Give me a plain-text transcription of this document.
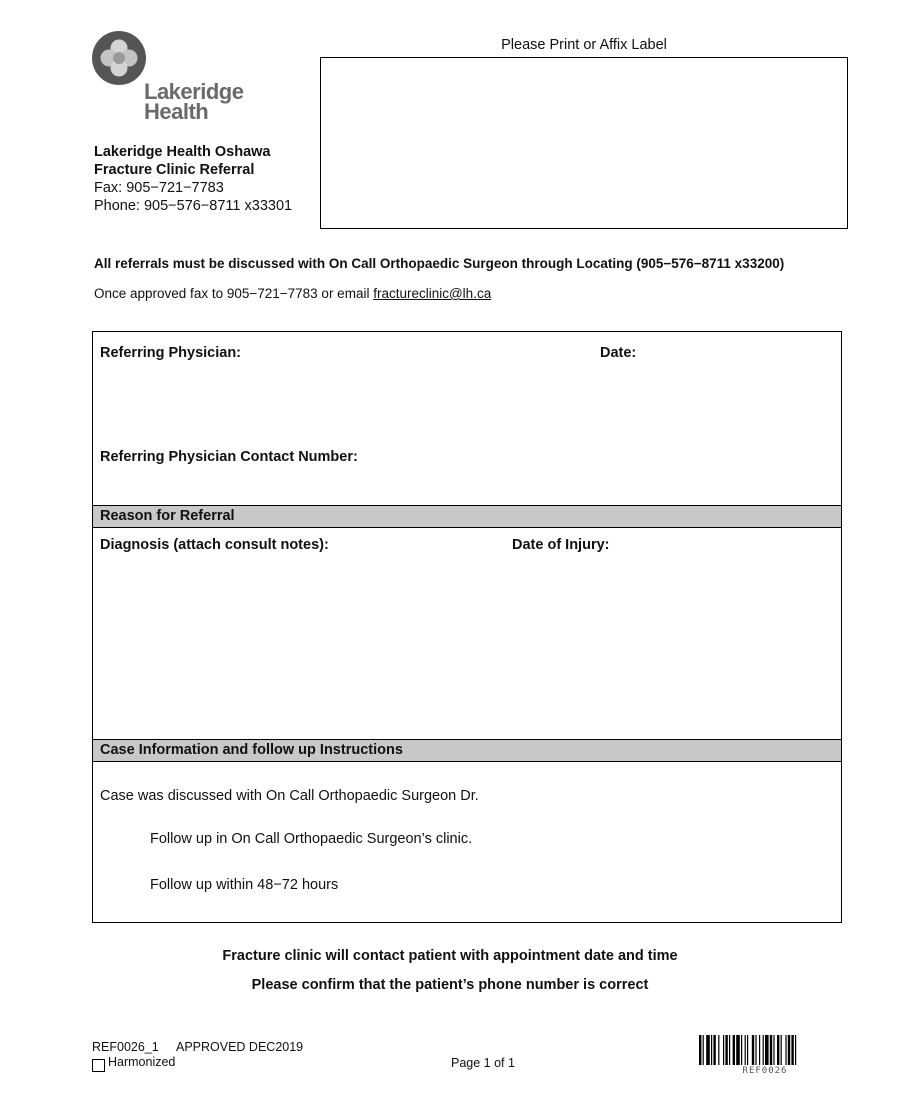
Lakeridge
Health
Lakeridge Health Oshawa
Fracture Clinic Referral
Fax: 905−721−7783
Phone: 905−576−8711 x33301
Please Print or Affix Label
All referrals must be discussed with On Call Orthopaedic Surgeon through Locating (905−576−8711 x33200)
Once approved fax to 905−721−7783 or email fractureclinic@lh.ca
Referring Physician:	Date:
Referring Physician Contact Number:
Reason for Referral
Diagnosis (attach consult notes):	Date of Injury:
Case Information and follow up Instructions
Case was discussed with On Call Orthopaedic Surgeon Dr.
Follow up in On Call Orthopaedic Surgeon’s clinic.
Follow up within 48−72 hours
Fracture clinic will contact patient with appointment date and time
Please confirm that the patient’s phone number is correct
REF0026_1 APPROVED DEC2019
Harmonized	Page 1 of 1
REF0026
